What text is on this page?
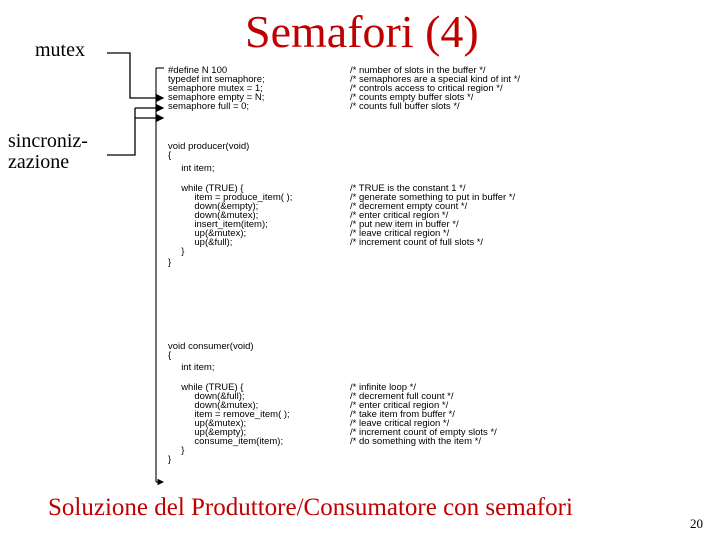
Semafori (4)
mutex
sincroniz-
zazione
#define N 100	/* number of slots in the buffer */
typedef int semaphore;	/* semaphores are a special kind of int */
semaphore mutex = 1;	/* controls access to critical region */
semaphore empty = N;	/* counts empty buffer slots */
semaphore full = 0;	/* counts full buffer slots */
void producer(void)
{
int item;
while (TRUE) {	/* TRUE is the constant 1 */
item = produce_item( );	/* generate something to put in buffer */
down(&empty);	/* decrement empty count */
down(&mutex);	/* enter critical region */
insert_item(item);	/* put new item in buffer */
up(&mutex);	/* leave critical region */
up(&full);	/* increment count of full slots */
}
}
void consumer(void)
{
int item;
while (TRUE) {	/* infinite loop */
down(&full);	/* decrement full count */
down(&mutex);	/* enter critical region */
item = remove_item( );	/* take item from buffer */
up(&mutex);	/* leave critical region */
up(&empty);	/* increment count of empty slots */
consume_item(item);	/* do something with the item */
}
}
Soluzione del Produttore/Consumatore con semafori
20
